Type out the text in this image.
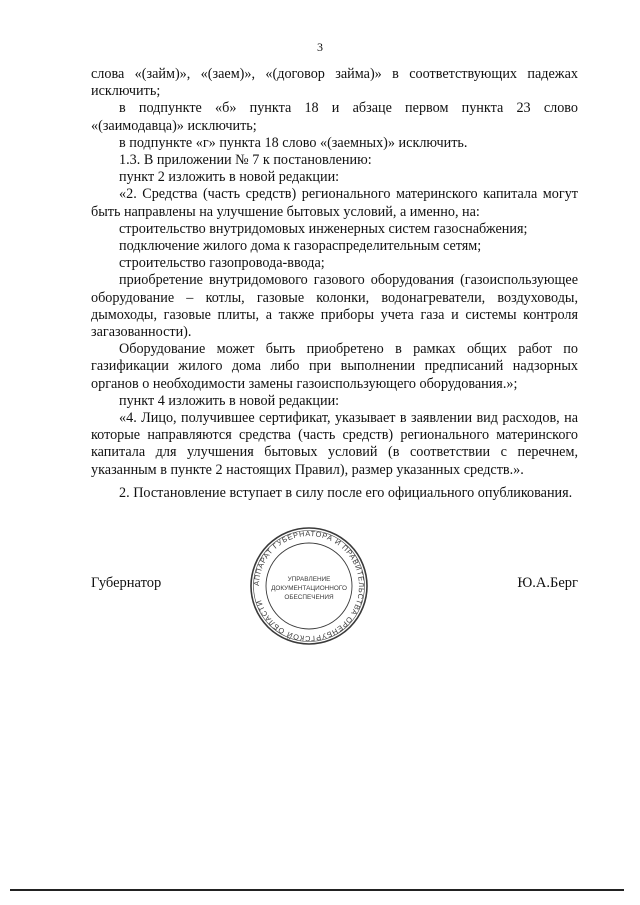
3

слова «(займ)», «(заем)», «(договор займа)» в соответствующих падежах исключить;

в подпункте «б» пункта 18 и абзаце первом пункта 23 слово «(заимодавца)» исключить;

в подпункте «г» пункта 18 слово «(заемных)» исключить.

1.3. В приложении № 7 к постановлению:

пункт 2 изложить в новой редакции:

«2. Средства (часть средств) регионального материнского капитала могут быть направлены на улучшение бытовых условий, а именно, на:

строительство внутридомовых инженерных систем газоснабжения;

подключение жилого дома к газораспределительным сетям;

строительство газопровода-ввода;

приобретение внутридомового газового оборудования (газоиспользующее оборудование – котлы, газовые колонки, водонагреватели, воздуховоды, дымоходы, газовые плиты, а также приборы учета газа и системы контроля загазованности).

Оборудование может быть приобретено в рамках общих работ по газификации жилого дома либо при выполнении предписаний надзорных органов о необходимости замены газоиспользующего оборудования.»;

пункт 4 изложить в новой редакции:

«4. Лицо, получившее сертификат, указывает в заявлении вид расходов, на которые направляются средства (часть средств) регионального материнского капитала для улучшения бытовых условий (в соответствии с перечнем, указанным в пункте 2 настоящих Правил), размер указанных средств.».

2. Постановление вступает в силу после его официального опубликования.

Губернатор	АППАРАТ ГУБЕРНАТОРА И ПРАВИТЕЛЬСТВА ОРЕНБУРГСКОЙ ОБЛАСТИ
УПРАВЛЕНИЕ
ДОКУМЕНТАЦИОННОГО
ОБЕСПЕЧЕНИЯ
Ю.А.Берг
